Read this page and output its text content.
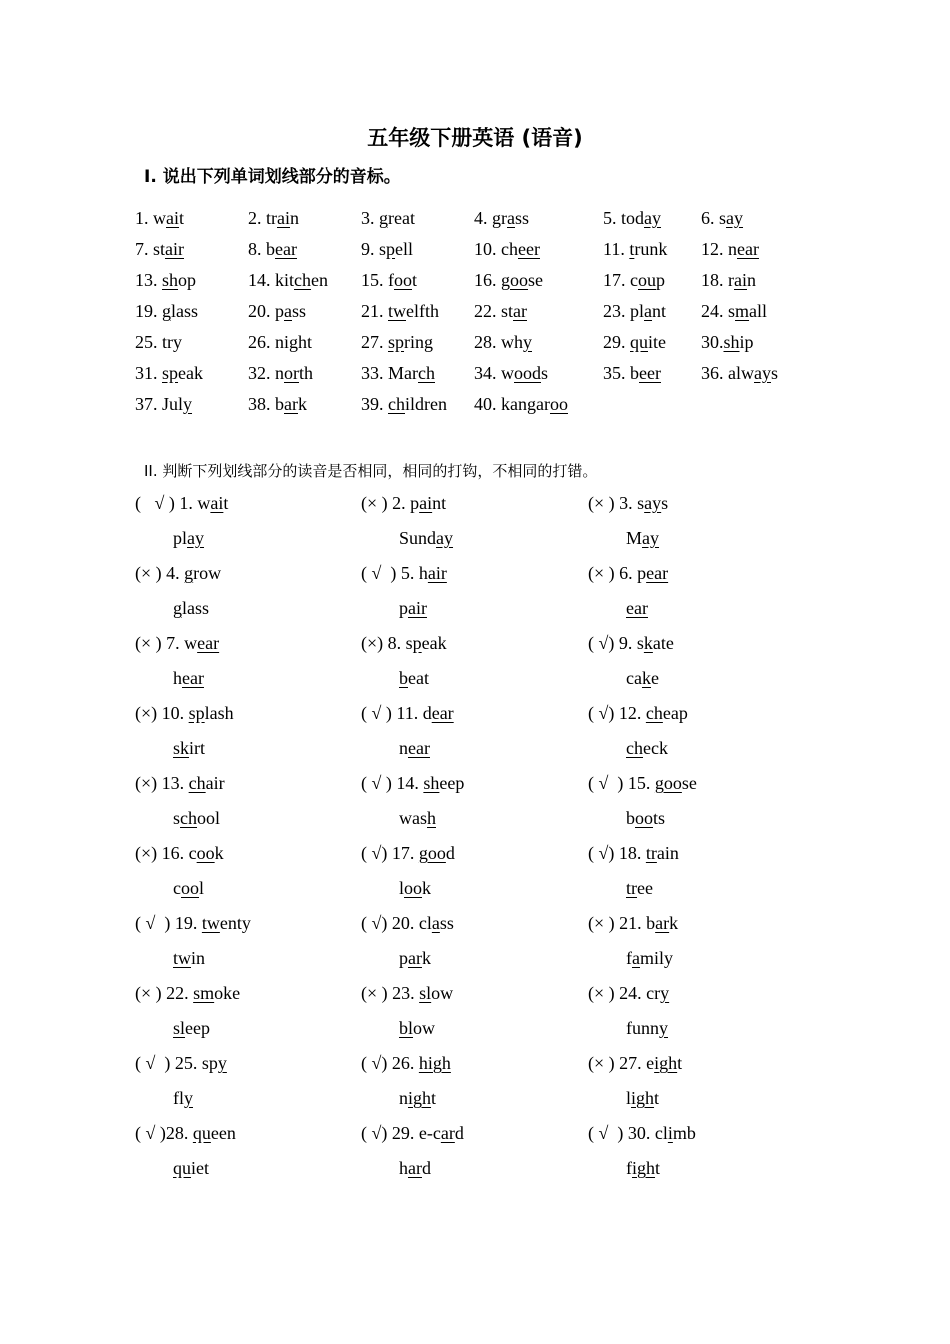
五年级下册英语 (语音)
I. 说出下列单词划线部分的音标。
1. wait	2. train	3. great	4. grass	5. today 6. say
7. stair	8. bear	9. spell	10. cheer	11. trunk 12. near
13. shop	14. kitchen 15. foot	16. goose	17. coup 18. rain
19. glass	20. pass	21. twelfth 22. star	23. plant 24. small
25. try	26. night	27. spring 28. why	29. quite 30.ship
31. speak	32. north	33. March 34. woods	35. beer 36. always
37. July	38. bark	39. children 40. kangaroo
II. 判断下列划线部分的读音是否相同，相同的打钩，不相同的打错。
(   √ ) 1. wait
play
(× ) 2. paint
Sunday
(× ) 3. says
May
(× ) 4. grow
glass
( √  ) 5. hair
pair
(× ) 6. pear
ear
(× ) 7. wear
hear
(×) 8. speak
beat
( √) 9. skate
cake
(×) 10. splash
skirt
( √ ) 11. dear
near
( √) 12. cheap
check
(×) 13. chair
school
( √ ) 14. sheep
wash
( √  ) 15. goose
boots
(×) 16. cook
cool
( √) 17. good
look
( √) 18. train
tree
( √  ) 19. twenty
twin
( √) 20. class
park
(× ) 21. bark
family
(× ) 22. smoke
sleep
(× ) 23. slow
blow
(× ) 24. cry
funny
( √  ) 25. spy
fly
( √) 26. high
night
(× ) 27. eight
light
( √ )28. queen
quiet
( √) 29. e-card
hard
( √  ) 30. climb
fight
